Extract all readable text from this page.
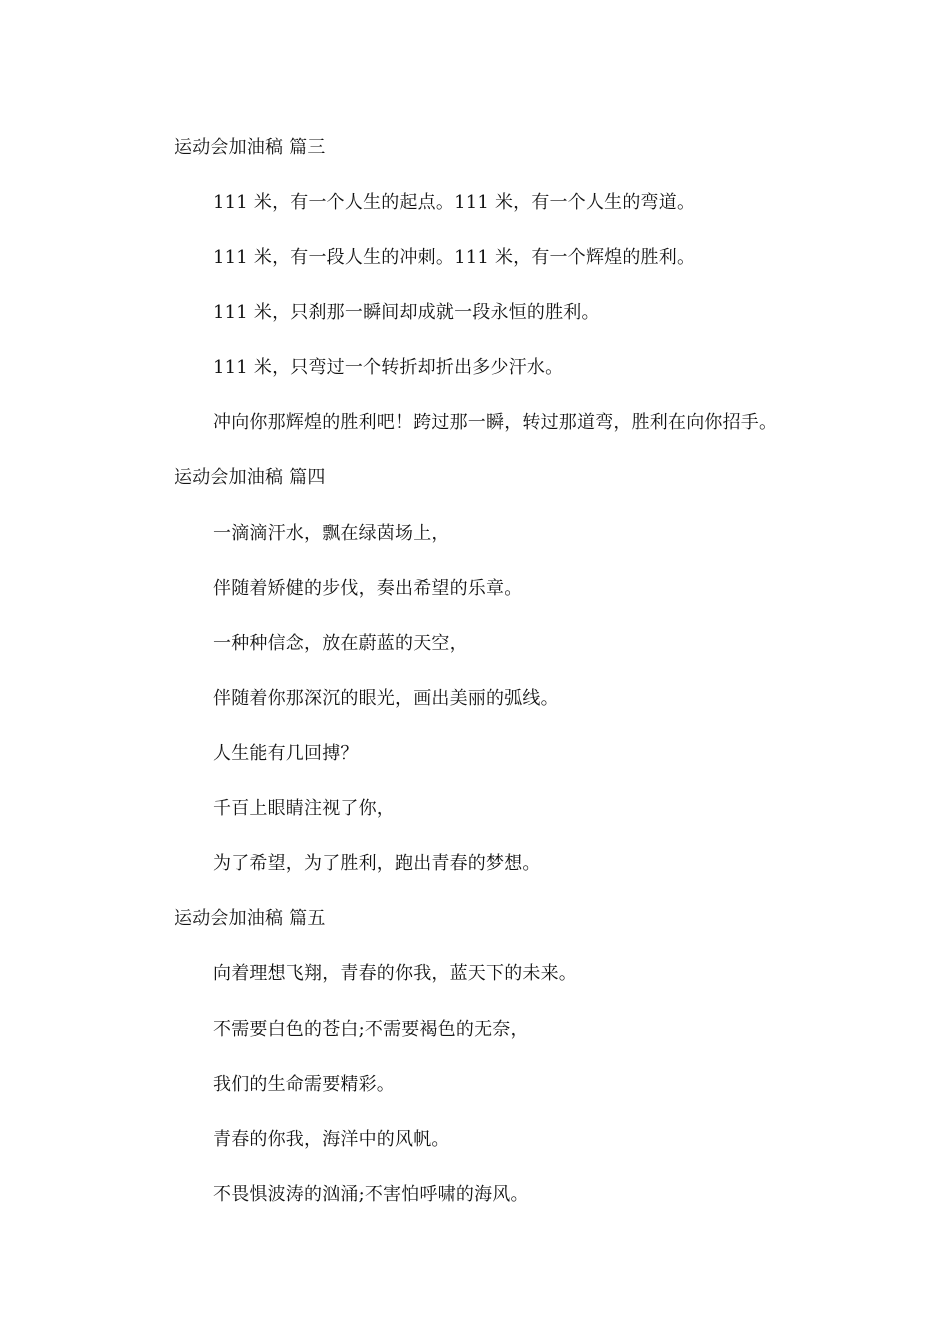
运动会加油稿 篇三
111 米，有一个人生的起点。111 米，有一个人生的弯道。
111 米，有一段人生的冲刺。111 米，有一个辉煌的胜利。
111 米，只刹那一瞬间却成就一段永恒的胜利。
111 米，只弯过一个转折却折出多少汗水。
冲向你那辉煌的胜利吧！跨过那一瞬，转过那道弯，胜利在向你招手。
运动会加油稿 篇四
一滴滴汗水，飘在绿茵场上，
伴随着矫健的步伐，奏出希望的乐章。
一种种信念，放在蔚蓝的天空，
伴随着你那深沉的眼光，画出美丽的弧线。
人生能有几回搏？
千百上眼睛注视了你，
为了希望，为了胜利，跑出青春的梦想。
运动会加油稿 篇五
向着理想飞翔，青春的你我，蓝天下的未来。
不需要白色的苍白;不需要褐色的无奈，
我们的生命需要精彩。
青春的你我，海洋中的风帆。
不畏惧波涛的汹涌;不害怕呼啸的海风。
